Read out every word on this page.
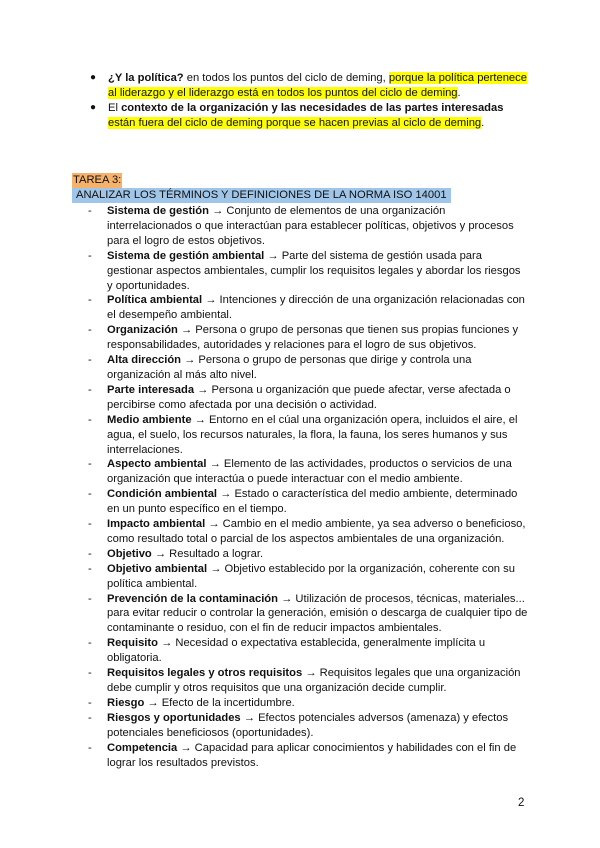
● ¿Y la política? en todos los puntos del ciclo de deming, porque la política pertenece al liderazgo y el liderazgo está en todos los puntos del ciclo de deming.
● El contexto de la organización y las necesidades de las partes interesadas están fuera del ciclo de deming porque se hacen previas al ciclo de deming.
TAREA 3:
ANALIZAR LOS TÉRMINOS Y DEFINICIONES DE LA NORMA ISO 14001
- Sistema de gestión → Conjunto de elementos de una organización interrelacionados o que interactúan para establecer políticas, objetivos y procesos para el logro de estos objetivos.
- Sistema de gestión ambiental → Parte del sistema de gestión usada para gestionar aspectos ambientales, cumplir los requisitos legales y abordar los riesgos y oportunidades.
- Política ambiental → Intenciones y dirección de una organización relacionadas con el desempeño ambiental.
- Organización → Persona o grupo de personas que tienen sus propias funciones y responsabilidades, autoridades y relaciones para el logro de sus objetivos.
- Alta dirección → Persona o grupo de personas que dirige y controla una organización al más alto nivel.
- Parte interesada → Persona u organización que puede afectar, verse afectada o percibirse como afectada por una decisión o actividad.
- Medio ambiente → Entorno en el cúal una organización opera, incluidos el aire, el agua, el suelo, los recursos naturales, la flora, la fauna, los seres humanos y sus interrelaciones.
- Aspecto ambiental → Elemento de las actividades, productos o servicios de una organización que interactúa o puede interactuar con el medio ambiente.
- Condición ambiental → Estado o característica del medio ambiente, determinado en un punto específico en el tiempo.
- Impacto ambiental → Cambio en el medio ambiente, ya sea adverso o beneficioso, como resultado total o parcial de los aspectos ambientales de una organización.
- Objetivo → Resultado a lograr.
- Objetivo ambiental → Objetivo establecido por la organización, coherente con su política ambiental.
- Prevención de la contaminación → Utilización de procesos, técnicas, materiales... para evitar reducir o controlar la generación, emisión o descarga de cualquier tipo de contaminante o residuo, con el fin de reducir impactos ambientales.
- Requisito → Necesidad o expectativa establecida, generalmente implícita u obligatoria.
- Requisitos legales y otros requisitos → Requisitos legales que una organización debe cumplir y otros requisitos que una organización decide cumplir.
- Riesgo → Efecto de la incertidumbre.
- Riesgos y oportunidades → Efectos potenciales adversos (amenaza) y efectos potenciales beneficiosos (oportunidades).
- Competencia → Capacidad para aplicar conocimientos y habilidades con el fin de lograr los resultados previstos.
2
